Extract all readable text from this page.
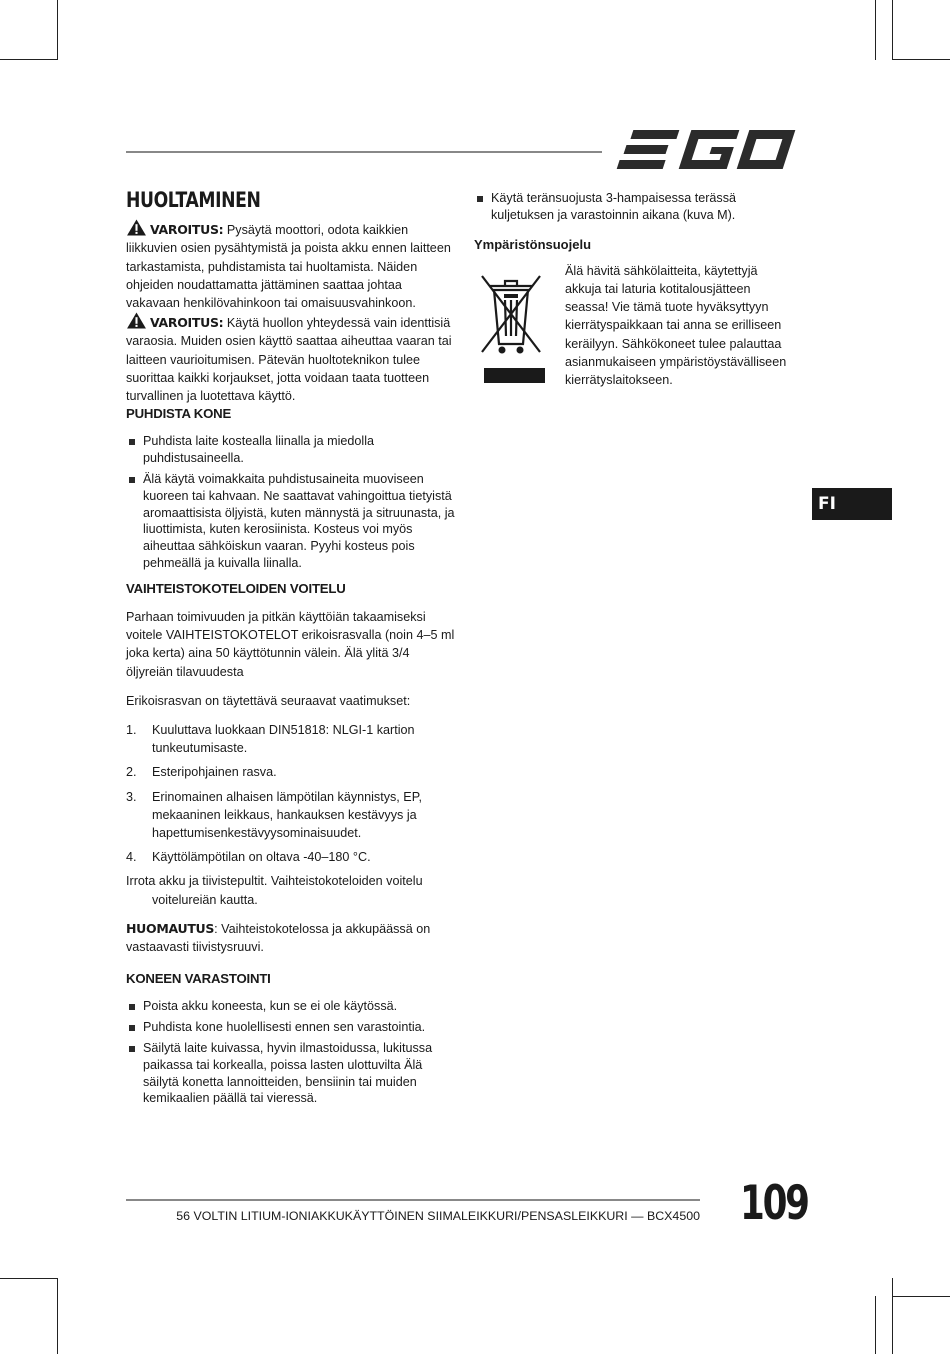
HUOLTAMINEN

VAROITUS: Pysäytä moottori, odota kaikkien liikkuvien osien pysähtymistä ja poista akku ennen laitteen tarkastamista, puhdistamista tai huoltamista. Näiden ohjeiden noudattamatta jättäminen saattaa johtaa vakavaan henkilövahinkoon tai omaisuusvahinkoon.

VAROITUS: Käytä huollon yhteydessä vain identtisiä varaosia. Muiden osien käyttö saattaa aiheuttaa vaaran tai laitteen vaurioitumisen. Pätevän huoltoteknikon tulee suorittaa kaikki korjaukset, jotta voidaan taata tuotteen turvallinen ja luotettava käyttö.

PUHDISTA KONE
Puhdista laite kostealla liinalla ja miedolla puhdistusaineella.
Älä käytä voimakkaita puhdistusaineita muoviseen kuoreen tai kahvaan. Ne saattavat vahingoittua tietyistä aromaattisista öljyistä, kuten männystä ja sitruunasta, ja liuottimista, kuten kerosiinista. Kosteus voi myös aiheuttaa sähköiskun vaaran. Pyyhi kosteus pois pehmeällä ja kuivalla liinalla.
VAIHTEISTOKOTELOIDEN VOITELU

Parhaan toimivuuden ja pitkän käyttöiän takaamiseksi voitele VAIHTEISTOKOTELOT erikoisrasvalla (noin 4–5 ml joka kerta) aina 50 käyttötunnin välein. Älä ylitä 3/4 öljyreiän tilavuudesta

Erikoisrasvan on täytettävä seuraavat vaatimukset:

1. Kuuluttava luokkaan DIN51818: NLGI-1 kartion tunkeutumisaste.
2. Esteripohjainen rasva.
3. Erinomainen alhaisen lämpötilan käynnistys, EP, mekaaninen leikkaus, hankauksen kestävyys ja hapettumisenkestävyysominaisuudet.
4. Käyttölämpötilan on oltava -40–180 °C.

Irrota akku ja tiivistepultit. Vaihteistokoteloiden voitelu voitelureiän kautta.

HUOMAUTUS: Vaihteistokotelossa ja akkupäässä on vastaavasti tiivistysruuvi.

KONEEN VARASTOINTI
Poista akku koneesta, kun se ei ole käytössä.
Puhdista kone huolellisesti ennen sen varastointia.
Säilytä laite kuivassa, hyvin ilmastoidussa, lukitussa paikassa tai korkealla, poissa lasten ulottuviltа Älä säilytä konetta lannoitteiden, bensiinin tai muiden kemikaalien päällä tai vieressä.
Käytä teränsuojusta 3-hampaisessa terässä kuljetuksen ja varastoinnin aikana (kuva M).
Ympäristönsuojelu

Älä hävitä sähkölaitteita, käytettyjä akkuja tai laturia kotitalousjätteen seassa! Vie tämä tuote hyväksyttyyn kierrätyspaikkaan tai anna se erilliseen keräilyyn. Sähkökoneet tulee palauttaa asianmukaiseen ympäristöystävälliseen kierrätyslaitokseen.

FI
56 VOLTIN LITIUM-IONIAKKUKÄYTTÖINEN SIIMALEIKKURI/PENSASLEIKKURI — BCX4500 109
